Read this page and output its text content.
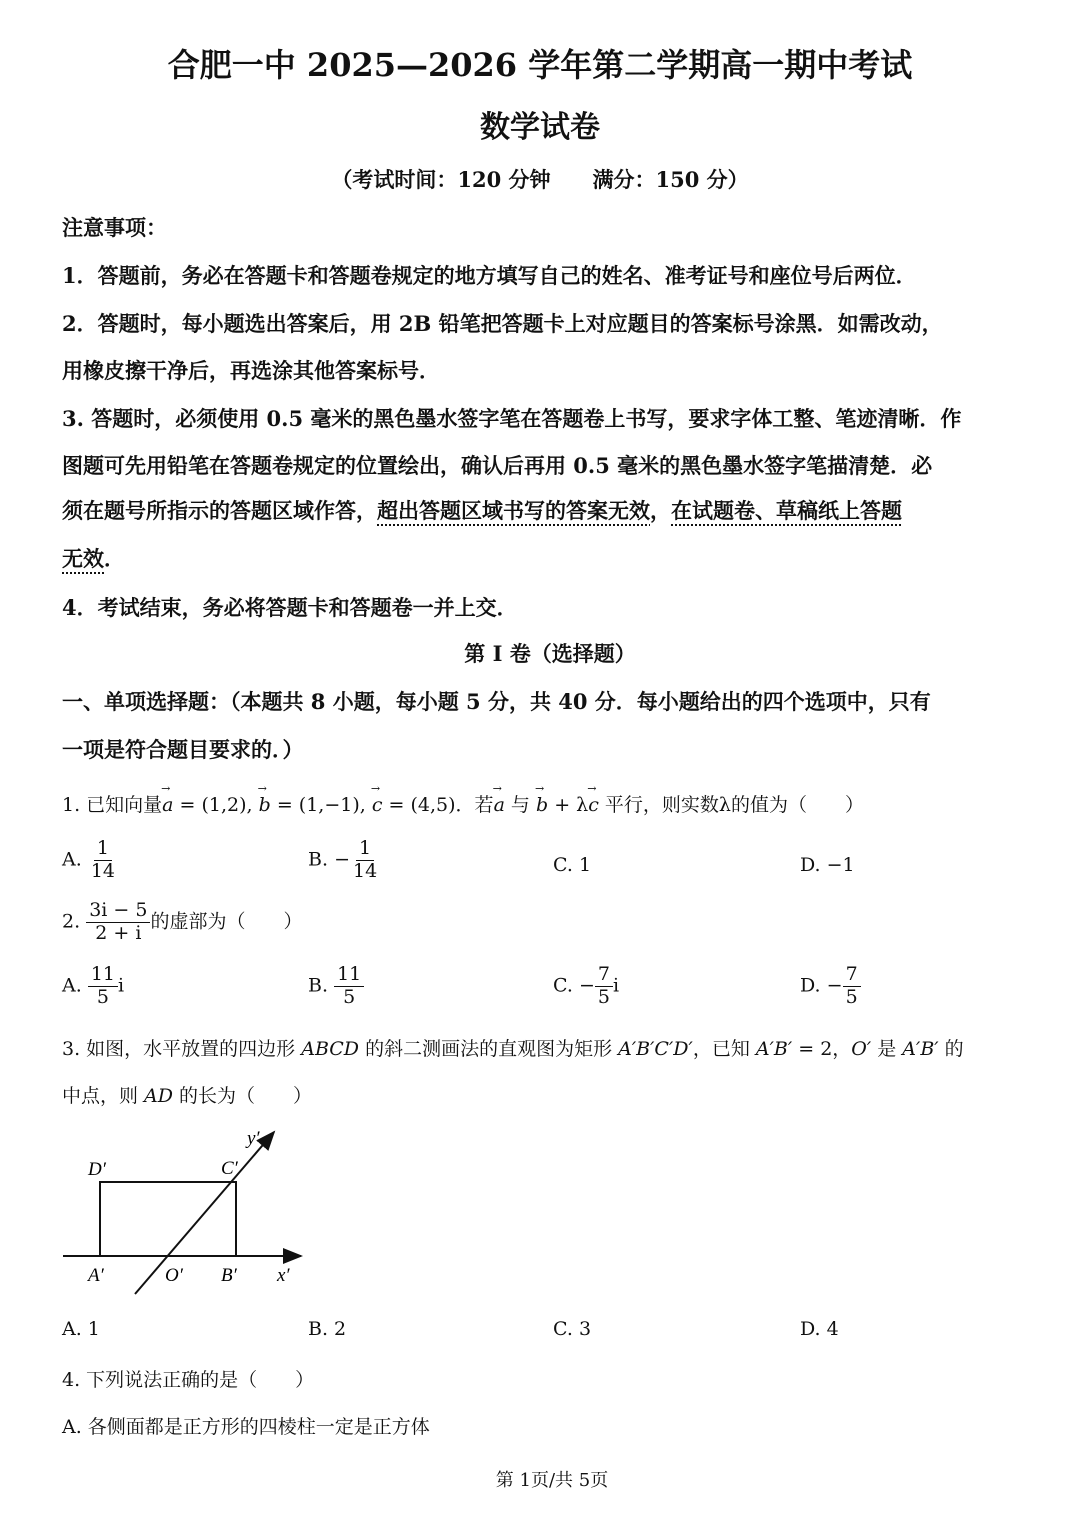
合肥一中 2025—2026 学年第二学期高一期中考试
数学试卷
（考试时间：120 分钟　　满分：150 分）
注意事项：
1．答题前，务必在答题卡和答题卷规定的地方填写自己的姓名、准考证号和座位号后两位．
2．答题时，每小题选出答案后，用 2B 铅笔把答题卡上对应题目的答案标号涂黑．如需改动，
用橡皮擦干净后，再选涂其他答案标号．
3. 答题时，必须使用 0.5 毫米的黑色墨水签字笔在答题卷上书写，要求字体工整、笔迹清晰．作
图题可先用铅笔在答题卷规定的位置绘出，确认后再用 0.5 毫米的黑色墨水签字笔描清楚．必
须在题号所指示的答题区域作答，超出答题区域书写的答案无效，在试题卷、草稿纸上答题
无效．
4．考试结束，务必将答题卡和答题卷一并上交．
第 I 卷（选择题）
一、单项选择题：（本题共 8 小题，每小题 5 分，共 40 分．每小题给出的四个选项中，只有
一项是符合题目要求的．）
1. 已知向量→ a = (1,2), → b = (1,−1), → c = (4,5)．若→ a 与 → b + λ→ c 平行，则实数λ的值为（　　）
A. $\frac{1}{14}$	B. − $\frac{1}{14}$	C. 1	D. −1
2. $\frac{3i - 5}{2 + i}$ 的虚部为（　　）
A. $\frac{11}{5}$ i	B. $\frac{11}{5}$	C. − $\frac{7}{5}$ i	D. − $\frac{7}{5}$
3. 如图，水平放置的四边形 ABCD 的斜二测画法的直观图为矩形 A′B′C′D′，已知 A′B′ = 2，O′ 是 A′B′ 的
中点，则 AD 的长为（　　）
D′	C′
A′	O′ B′ x′
y′
A. 1	B. 2	C. 3	D. 4
4. 下列说法正确的是（　　）
A. 各侧面都是正方形的四棱柱一定是正方体
第 1页/共 5页
